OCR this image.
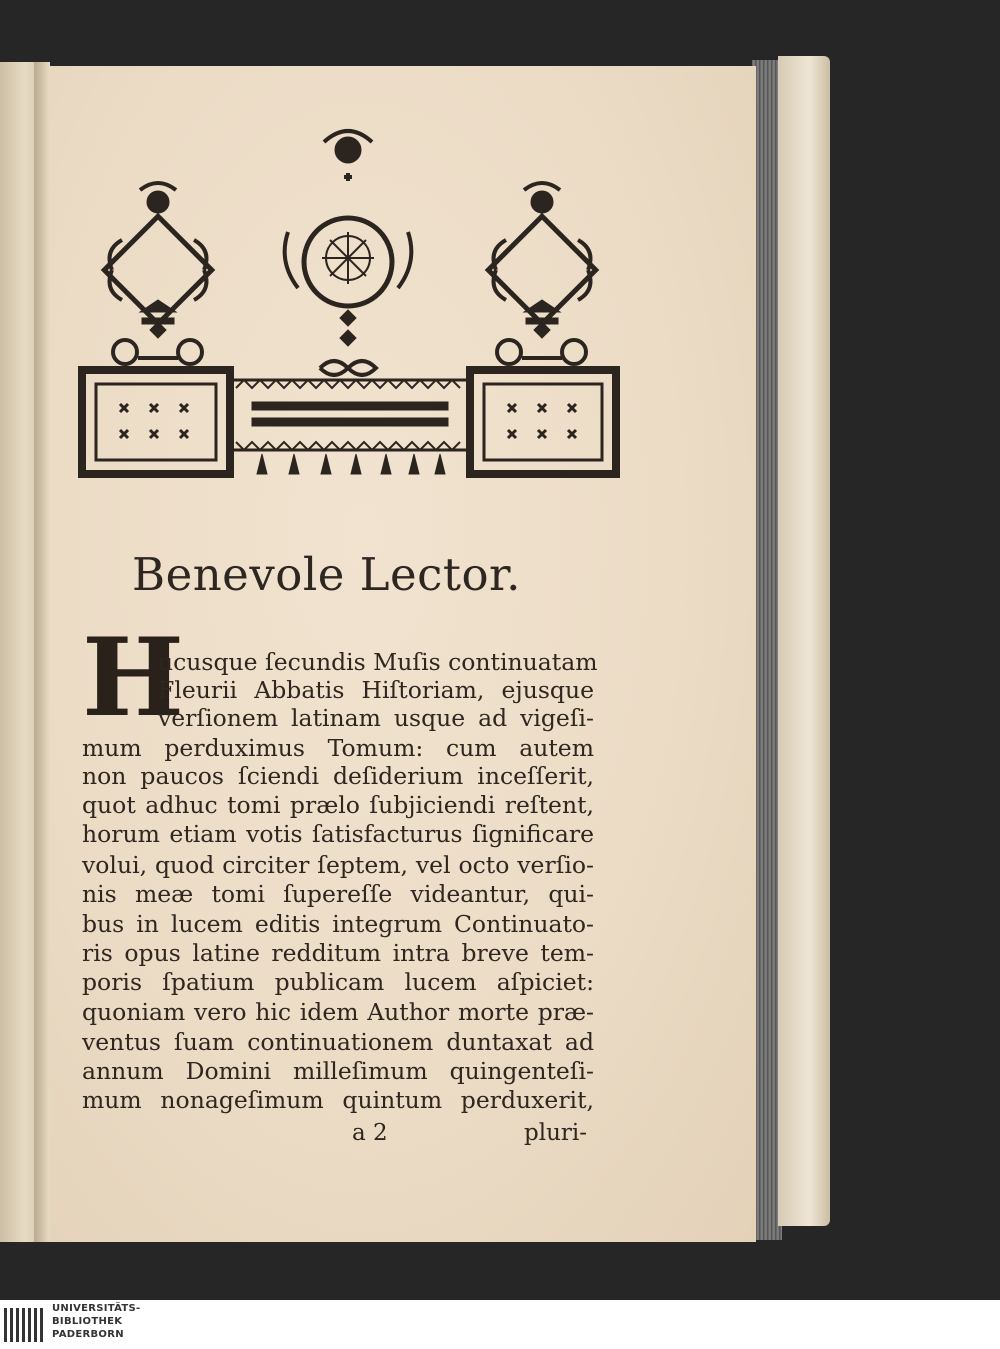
Benevole Lector.
H
ucusque ſecundis Muſis continuatam
Fleurii Abbatis Hiſtoriam, ejusque
verſionem latinam usque ad vigeſi-
mum perduximus Tomum: cum autem
non paucos ſciendi deſiderium inceſſerit,
quot adhuc tomi prælo ſubjiciendi reſtent,
horum etiam votis ſatisfacturus ſignificare
volui, quod circiter ſeptem, vel octo verſio-
nis meæ tomi ſupereſſe videantur, qui-
bus in lucem editis integrum Continuato-
ris opus latine redditum intra breve tem-
poris ſpatium publicam lucem aſpiciet:
quoniam vero hic idem Author morte præ-
ventus ſuam continuationem duntaxat ad
annum Domini milleſimum quingenteſi-
mum nonageſimum quintum perduxerit,
a 2	pluri-
UNIVERSITÄTS-
BIBLIOTHEK
PADERBORN
